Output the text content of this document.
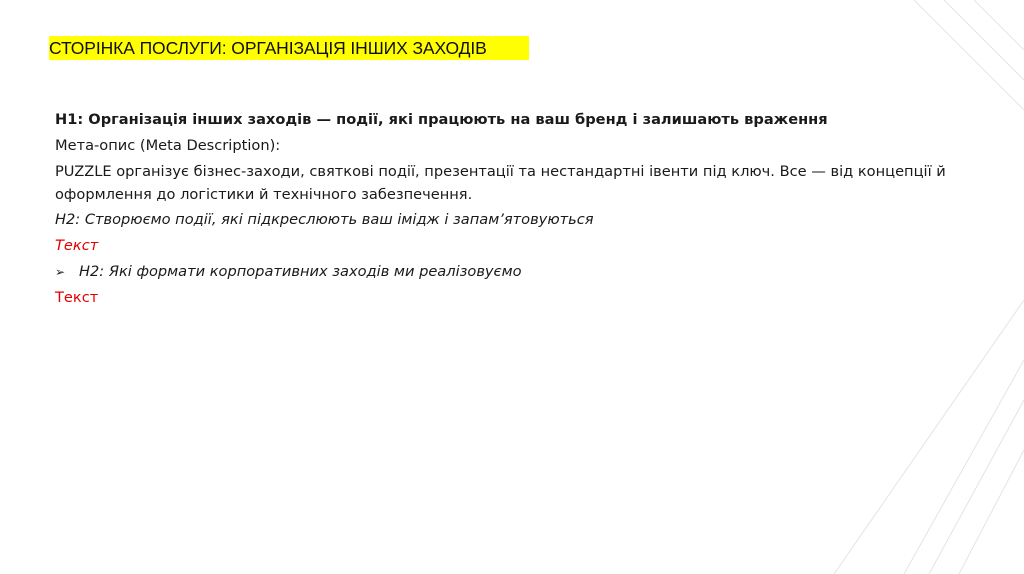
СТОРІНКА ПОСЛУГИ: ОРГАНІЗАЦІЯ ІНШИХ ЗАХОДІВ
H1: Організація інших заходів — події, які працюють на ваш бренд і залишають враження
Мета-опис (Meta Description):
PUZZLE організує бізнес-заходи, святкові події, презентації та нестандартні івенти під ключ. Все — від концепції й оформлення до логістики й технічного забезпечення.
H2: Створюємо події, які підкреслюють ваш імідж і запам’ятовуються
Текст
➢ H2: Які формати корпоративних заходів ми реалізовуємо
Текст
